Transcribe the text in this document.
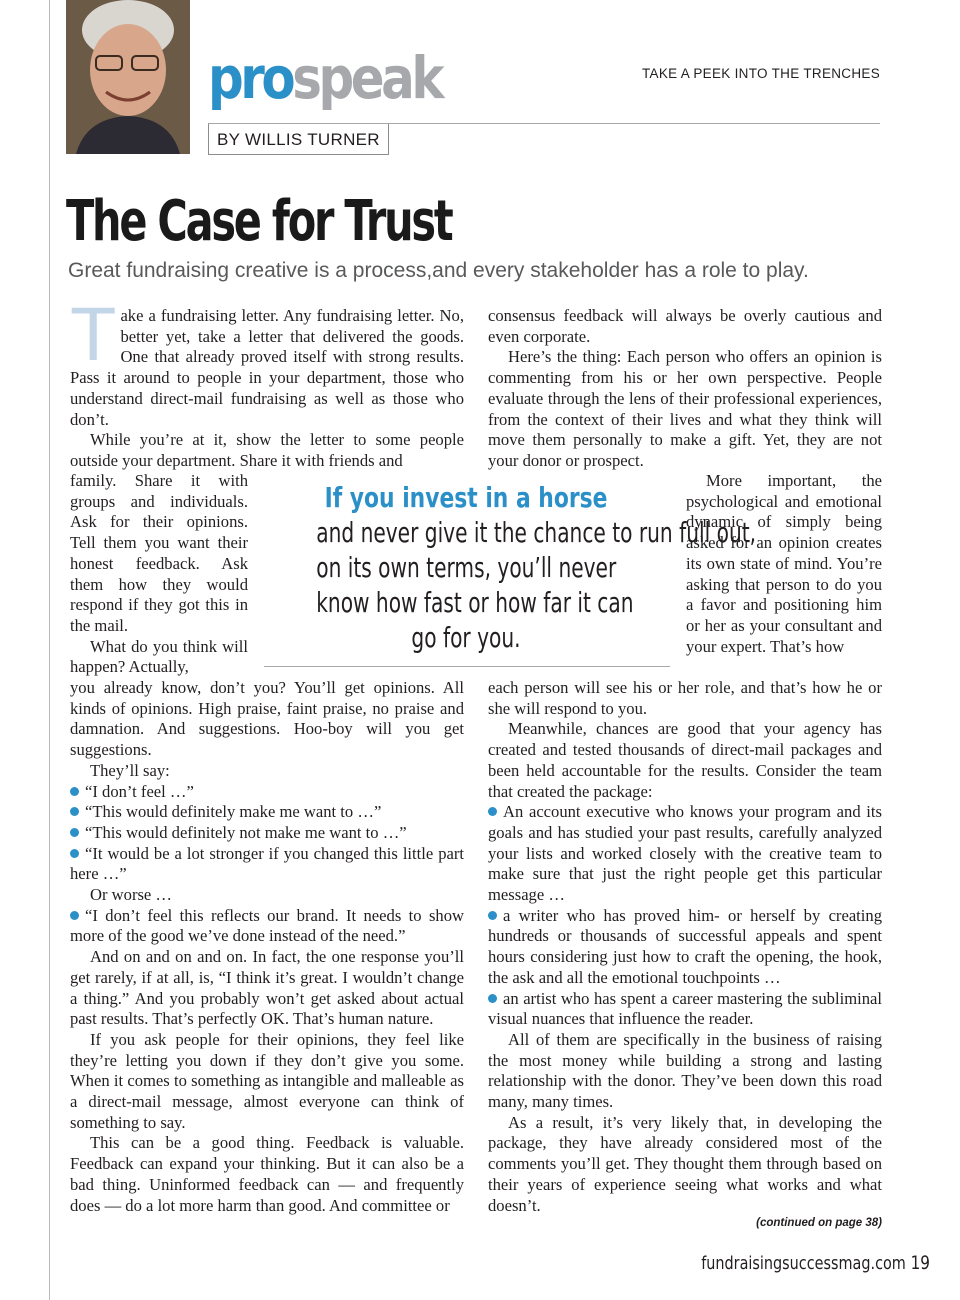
prospeak	TAKE A PEEK INTO THE TRENCHES
BY WILLIS TURNER
The Case for Trust
Great fundraising creative is a process,and every stakeholder has a role to play.

Take a fundraising letter. Any fundraising letter. No, better yet, take a letter that delivered the goods. One that already proved itself with strong results. Pass it around to people in your department, those who understand direct-mail fundraising as well as those who don’t.

While you’re at it, show the letter to some people outside your department. Share it with friends and

family. Share it with groups and individuals. Ask for their opinions. Tell them you want their honest feedback. Ask them how they would respond if they got this in the mail.

What do you think will happen? Actually,

you already know, don’t you? You’ll get opinions. All kinds of opinions. High praise, faint praise, no praise and damnation. And suggestions. Hoo-boy will you get suggestions.

They’ll say:

“I don’t feel …”

“This would definitely make me want to …”

“This would definitely not make me want to …”

“It would be a lot stronger if you changed this little part here …”

Or worse …

“I don’t feel this reflects our brand. It needs to show more of the good we’ve done instead of the need.”

And on and on and on. In fact, the one response you’ll get rarely, if at all, is, “I think it’s great. I wouldn’t change a thing.” And you probably won’t get asked about actual past results. That’s perfectly OK. That’s human nature.

If you ask people for their opinions, they feel like they’re letting you down if they don’t give you some. When it comes to something as intangible and malleable as a direct-mail message, almost everyone can think of something to say.

This can be a good thing. Feedback is valuable. Feedback can expand your thinking. But it can also be a bad thing. Uninformed feedback can — and frequently does — do a lot more harm than good. And committee or

consensus feedback will always be overly cautious and even corporate.

Here’s the thing: Each person who offers an opinion is commenting from his or her own perspective. People evaluate through the lens of their professional experiences, from the context of their lives and what they think will move them personally to make a gift. Yet, they are not your donor or prospect.

More important, the psychological and emotional dynamic of simply being asked for an opinion creates its own state of mind. You’re asking that person to do you a favor and positioning him or her as your consultant and your expert. That’s how

each person will see his or her role, and that’s how he or she will respond to you.

Meanwhile, chances are good that your agency has created and tested thousands of direct-mail packages and been held accountable for the results. Consider the team that created the package:

An account executive who knows your program and its goals and has studied your past results, carefully analyzed your lists and worked closely with the creative team to make sure that just the right people get this particular message …

a writer who has proved him- or herself by creating hundreds or thousands of successful appeals and spent hours considering just how to craft the opening, the hook, the ask and all the emotional touchpoints …

an artist who has spent a career mastering the subliminal visual nuances that influence the reader.

All of them are specifically in the business of raising the most money while building a strong and lasting relationship with the donor. They’ve been down this road many, many times.

As a result, it’s very likely that, in developing the package, they have already considered most of the comments you’ll get. They thought them through based on their years of experience seeing what works and what doesn’t.

If you invest in a horse
and never give it the chance to run full out,
on its own terms, you’ll never
know how fast or how far it can
go for you.
(continued on page 38)
fundraisingsuccessmag.com 19
